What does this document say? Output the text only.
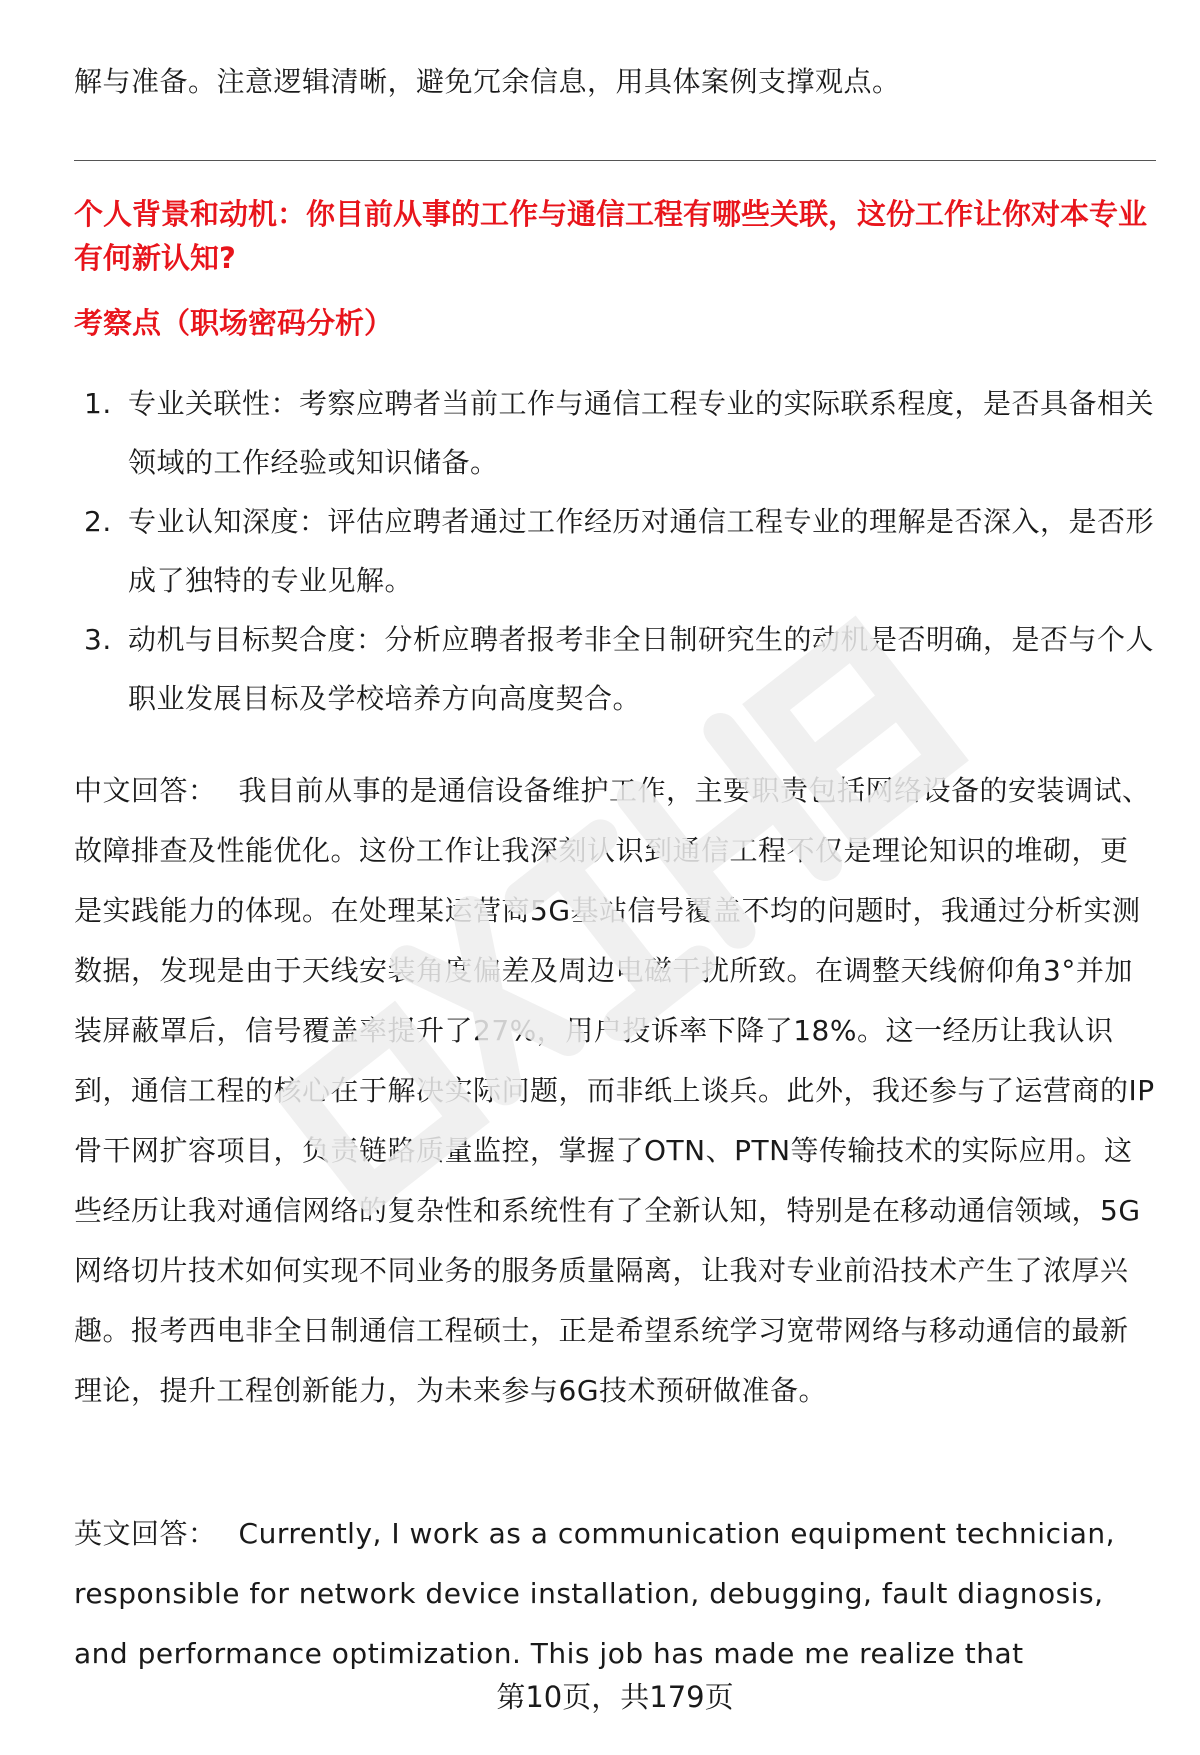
解与准备。注意逻辑清晰，避免冗余信息，用具体案例支撑观点。

个人背景和动机：你目前从事的工作与通信工程有哪些关联，这份工作让你对本专业有何新认知?

考察点（职场密码分析）

1. 专业关联性：考察应聘者当前工作与通信工程专业的实际联系程度，是否具备相关领域的工作经验或知识储备。
2. 专业认知深度：评估应聘者通过工作经历对通信工程专业的理解是否深入，是否形成了独特的专业见解。
3. 动机与目标契合度：分析应聘者报考非全日制研究生的动机是否明确，是否与个人职业发展目标及学校培养方向高度契合。

中文回答： 我目前从事的是通信设备维护工作，主要职责包括网络设备的安装调试、故障排查及性能优化。这份工作让我深刻认识到通信工程不仅是理论知识的堆砌，更是实践能力的体现。在处理某运营商5G基站信号覆盖不均的问题时，我通过分析实测数据，发现是由于天线安装角度偏差及周边电磁干扰所致。在调整天线俯仰角3°并加装屏蔽罩后，信号覆盖率提升了27%，用户投诉率下降了18%。这一经历让我认识到，通信工程的核心在于解决实际问题，而非纸上谈兵。此外，我还参与了运营商的IP骨干网扩容项目，负责链路质量监控，掌握了OTN、PTN等传输技术的实际应用。这些经历让我对通信网络的复杂性和系统性有了全新认知，特别是在移动通信领域，5G网络切片技术如何实现不同业务的服务质量隔离，让我对专业前沿技术产生了浓厚兴趣。报考西电非全日制通信工程硕士，正是希望系统学习宽带网络与移动通信的最新理论，提升工程创新能力，为未来参与6G技术预研做准备。

英文回答： Currently, I work as a communication equipment technician, responsible for network device installation, debugging, fault diagnosis, and performance optimization. This job has made me realize that

第10页，共179页
